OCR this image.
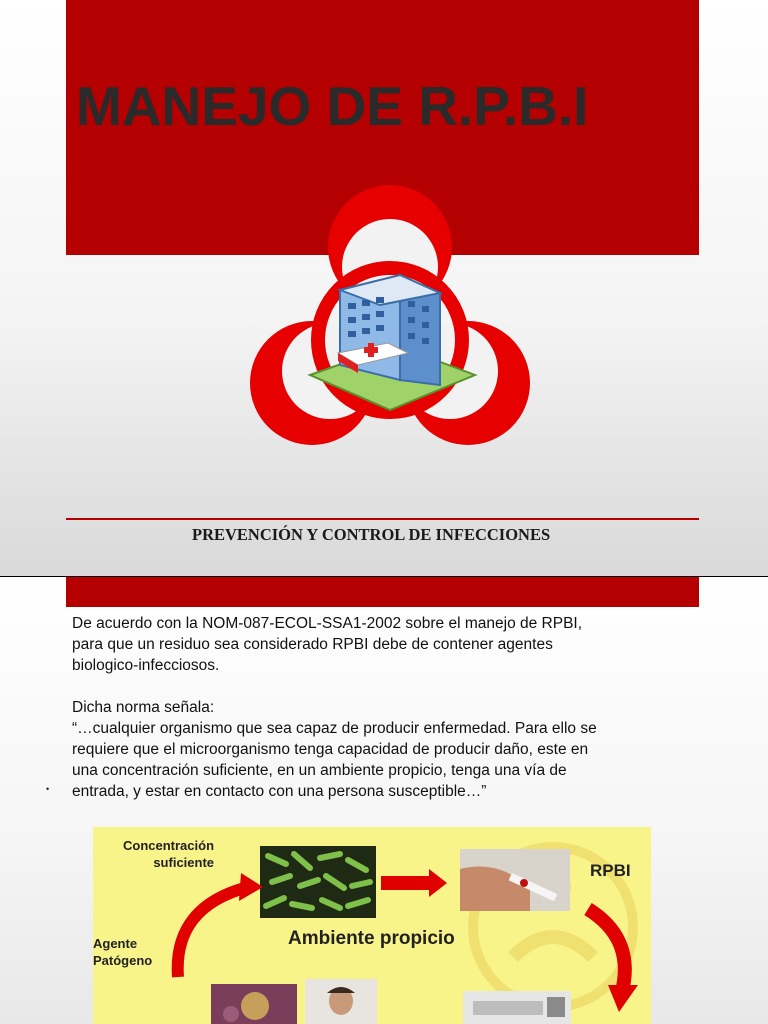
MANEJO DE R.P.B.I

PREVENCIÓN Y CONTROL DE INFECCIONES

De acuerdo con la NOM-087-ECOL-SSA1-2002 sobre el manejo de RPBI,

para que un residuo sea considerado RPBI debe de contener agentes

biologico-infecciosos.

Dicha norma señala:

“…cualquier organismo que sea capaz de producir enfermedad. Para ello se

requiere que el microorganismo tenga capacidad de producir daño, este en

una concentración suficiente, en un ambiente propicio, tenga una vía de

entrada, y estar en contacto con una persona susceptible…”

•
Concentración
suficiente
Agente
Patógeno
Ambiente propicio
RPBI
